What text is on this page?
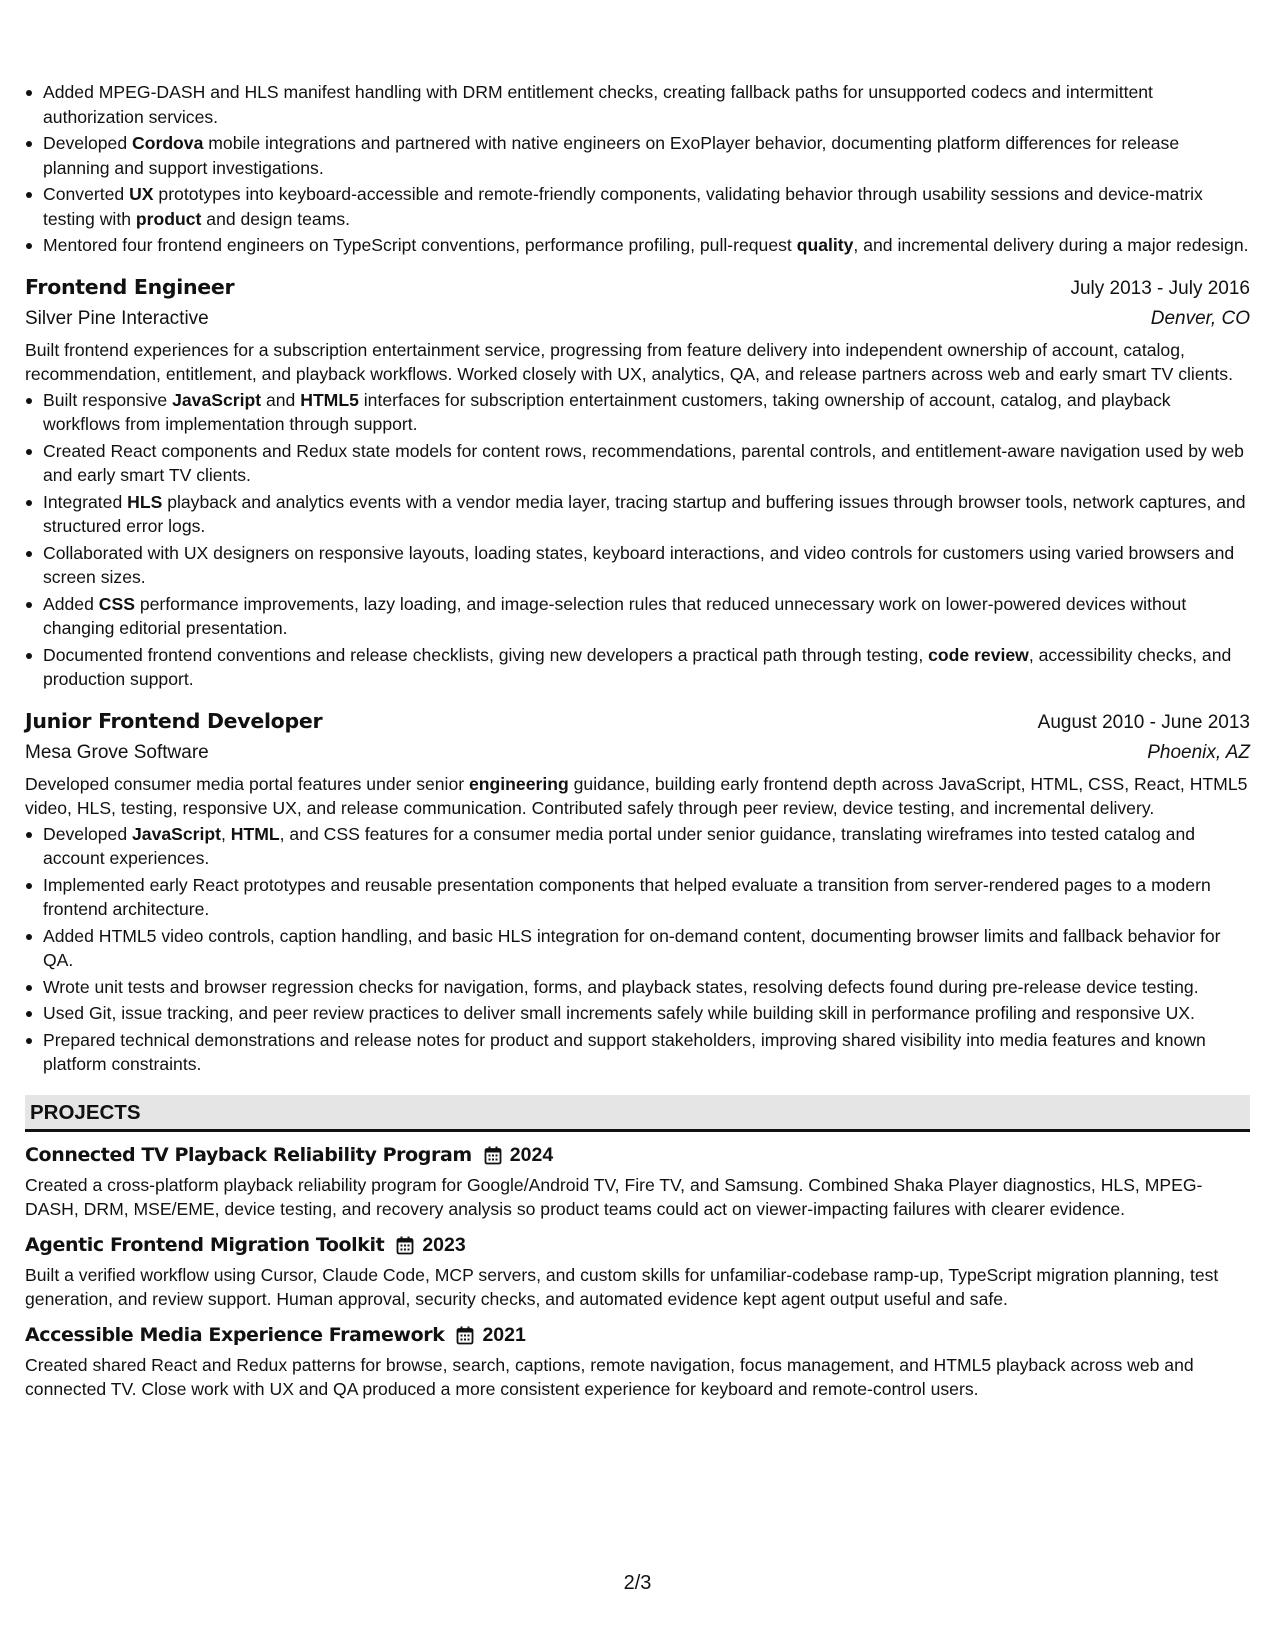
Added MPEG-DASH and HLS manifest handling with DRM entitlement checks, creating fallback paths for unsupported codecs and intermittent authorization services.
Developed Cordova mobile integrations and partnered with native engineers on ExoPlayer behavior, documenting platform differences for release planning and support investigations.
Converted UX prototypes into keyboard-accessible and remote-friendly components, validating behavior through usability sessions and device-matrix testing with product and design teams.
Mentored four frontend engineers on TypeScript conventions, performance profiling, pull-request quality, and incremental delivery during a major redesign.
Frontend Engineer	July 2013 - July 2016
Silver Pine Interactive	Denver, CO

Built frontend experiences for a subscription entertainment service, progressing from feature delivery into independent ownership of account, catalog, recommendation, entitlement, and playback workflows. Worked closely with UX, analytics, QA, and release partners across web and early smart TV clients.

Built responsive JavaScript and HTML5 interfaces for subscription entertainment customers, taking ownership of account, catalog, and playback workflows from implementation through support.
Created React components and Redux state models for content rows, recommendations, parental controls, and entitlement-aware navigation used by web and early smart TV clients.
Integrated HLS playback and analytics events with a vendor media layer, tracing startup and buffering issues through browser tools, network captures, and structured error logs.
Collaborated with UX designers on responsive layouts, loading states, keyboard interactions, and video controls for customers using varied browsers and screen sizes.
Added CSS performance improvements, lazy loading, and image-selection rules that reduced unnecessary work on lower-powered devices without changing editorial presentation.
Documented frontend conventions and release checklists, giving new developers a practical path through testing, code review, accessibility checks, and production support.
Junior Frontend Developer	August 2010 - June 2013
Mesa Grove Software	Phoenix, AZ

Developed consumer media portal features under senior engineering guidance, building early frontend depth across JavaScript, HTML, CSS, React, HTML5 video, HLS, testing, responsive UX, and release communication. Contributed safely through peer review, device testing, and incremental delivery.

Developed JavaScript, HTML, and CSS features for a consumer media portal under senior guidance, translating wireframes into tested catalog and account experiences.
Implemented early React prototypes and reusable presentation components that helped evaluate a transition from server-rendered pages to a modern frontend architecture.
Added HTML5 video controls, caption handling, and basic HLS integration for on-demand content, documenting browser limits and fallback behavior for QA.
Wrote unit tests and browser regression checks for navigation, forms, and playback states, resolving defects found during pre-release device testing.
Used Git, issue tracking, and peer review practices to deliver small increments safely while building skill in performance profiling and responsive UX.
Prepared technical demonstrations and release notes for product and support stakeholders, improving shared visibility into media features and known platform constraints.
PROJECTS
Connected TV Playback Reliability Program 2024

Created a cross-platform playback reliability program for Google/Android TV, Fire TV, and Samsung. Combined Shaka Player diagnostics, HLS, MPEG-DASH, DRM, MSE/EME, device testing, and recovery analysis so product teams could act on viewer-impacting failures with clearer evidence.

Agentic Frontend Migration Toolkit 2023

Built a verified workflow using Cursor, Claude Code, MCP servers, and custom skills for unfamiliar-codebase ramp-up, TypeScript migration planning, test generation, and review support. Human approval, security checks, and automated evidence kept agent output useful and safe.

Accessible Media Experience Framework 2021

Created shared React and Redux patterns for browse, search, captions, remote navigation, focus management, and HTML5 playback across web and connected TV. Close work with UX and QA produced a more consistent experience for keyboard and remote-control users.

2/3
